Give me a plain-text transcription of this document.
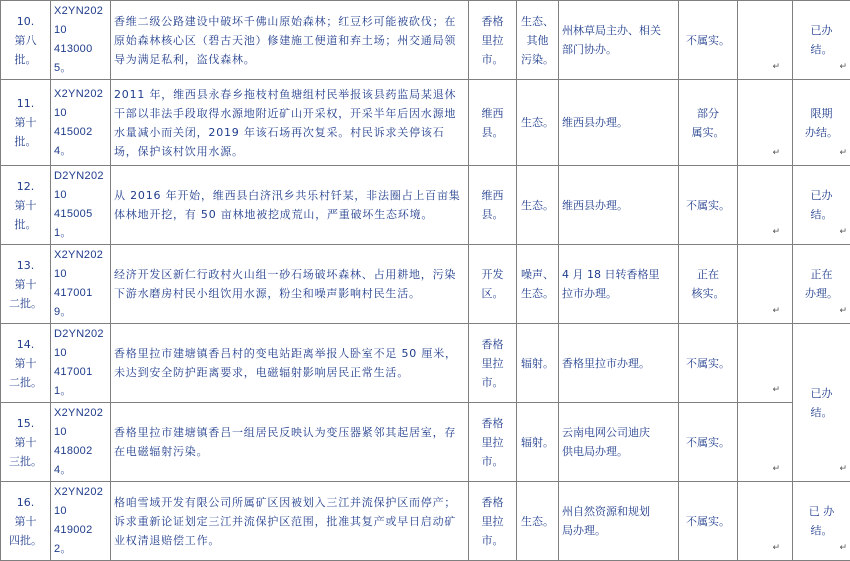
10.
第八
批。	X2YN20210
4130005。	香维二级公路建设中破坏千佛山原始森林；红豆杉可能被砍伐；在原始森林核心区（碧古天池）修建施工便道和弃土场；州交通局领导为满足私利，盗伐森林。	香格
里拉
市。	生态、
其他
污染。	州林草局主办、相关
部门协办。	不属实。	↵	已办
结。
↵

11.
第十
批。	X2YN20210
4150024。	2011 年，维西县永春乡拖枝村鱼塘组村民举报该县药监局某退休干部以非法手段取得水源地附近矿山开采权，开采半年后因水源地水量减小而关闭，2019 年该石场再次复采。村民诉求关停该石场，保护该村饮用水源。	维西
县。	生态。	维西县办理。	部分
属实。	↵	限期
办结。
↵

12.
第十
批。	D2YN20210
4150051。	从 2016 年开始，维西县白济汛乡共乐村钎某，非法圈占上百亩集体林地开挖，有 50 亩林地被挖成荒山，严重破坏生态环境。	维西
县。	生态。	维西县办理。	不属实。	↵	已办
结。
↵

13.
第十
二批。	X2YN20210
4170019。	经济开发区新仁行政村火山组一砂石场破坏森林、占用耕地，污染下游水磨房村民小组饮用水源，粉尘和噪声影响村民生活。	开发
区。	噪声、
生态。	4 月 18 日转香格里
拉市办理。	正在
核实。	↵	正在
办理。
↵

14.
第十
二批。	D2YN20210
4170011。	香格里拉市建塘镇香吕村的变电站距离举报人卧室不足 50 厘米，未达到安全防护距离要求，电磁辐射影响居民正常生活。	香格
里拉
市。	辐射。	香格里拉市办理。	不属实。	↵	已办
结。
↵

15.
第十
三批。	X2YN20210
4180024。	香格里拉市建塘镇香吕一组居民反映认为变压器紧邻其起居室，存在电磁辐射污染。	香格
里拉
市。	辐射。	云南电网公司迪庆
供电局办理。	不属实。	↵	

16.
第十
四批。	X2YN20210
4190022。	格咱雪域开发有限公司所属矿区因被划入三江并流保护区而停产；诉求重新论证划定三江并流保护区范围，批准其复产或早日启动矿业权清退赔偿工作。	香格
里拉
市。	生态。	州自然资源和规划
局办理。	不属实。	↵	已 办
结。
↵
